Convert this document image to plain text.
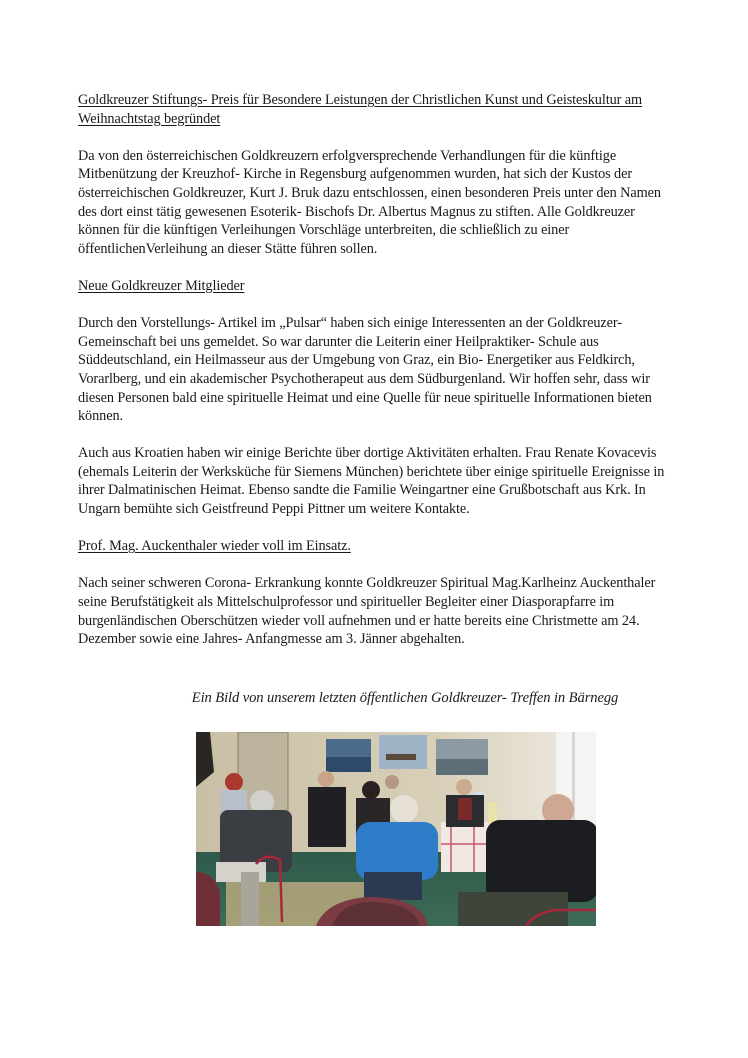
Goldkreuzer Stiftungs- Preis für Besondere Leistungen der Christlichen Kunst und Geisteskultur am Weihnachtstag begründet

Da von den österreichischen Goldkreuzern erfolgversprechende Verhandlungen für die künftige Mitbenützung der Kreuzhof- Kirche in Regensburg aufgenommen wurden, hat sich der Kustos der österreichischen Goldkreuzer, Kurt J. Bruk dazu entschlossen, einen besonderen Preis unter den Namen des dort einst tätig gewesenen Esoterik- Bischofs Dr. Albertus Magnus zu stiften. Alle Goldkreuzer können für die künftigen Verleihungen Vorschläge unterbreiten, die schließlich zu einer öffentlichenVerleihung an dieser Stätte führen sollen.

Neue Goldkreuzer Mitglieder

Durch den Vorstellungs- Artikel im „Pulsar“ haben sich einige Interessenten an der Goldkreuzer-Gemeinschaft bei uns gemeldet. So war darunter die Leiterin einer Heilpraktiker- Schule aus Süddeutschland, ein Heilmasseur aus der Umgebung von Graz, ein Bio- Energetiker aus Feldkirch, Vorarlberg, und ein akademischer Psychotherapeut aus dem Südburgenland. Wir hoffen sehr, dass wir diesen Personen bald eine spirituelle Heimat und eine Quelle für neue spirituelle Informationen bieten können.

Auch aus Kroatien haben wir einige Berichte über dortige Aktivitäten erhalten. Frau Renate Kovacevis (ehemals Leiterin der Werksküche für Siemens München) berichtete über einige spirituelle Ereignisse in ihrer Dalmatinischen Heimat. Ebenso sandte die Familie Weingartner eine Grußbotschaft aus Krk. In Ungarn bemühte sich Geistfreund Peppi Pittner um weitere Kontakte.

Prof. Mag. Auckenthaler wieder voll im Einsatz.

Nach seiner schweren Corona- Erkrankung konnte Goldkreuzer Spiritual Mag.Karlheinz Auckenthaler seine Berufstätigkeit als Mittelschulprofessor und spiritueller Begleiter einer Diasporapfarre im burgenländischen Oberschützen wieder voll aufnehmen und er hatte bereits eine Christmette am 24. Dezember sowie eine Jahres- Anfangmesse am 3. Jänner abgehalten.

Ein Bild von unserem letzten öffentlichen Goldkreuzer- Treffen in Bärnegg
